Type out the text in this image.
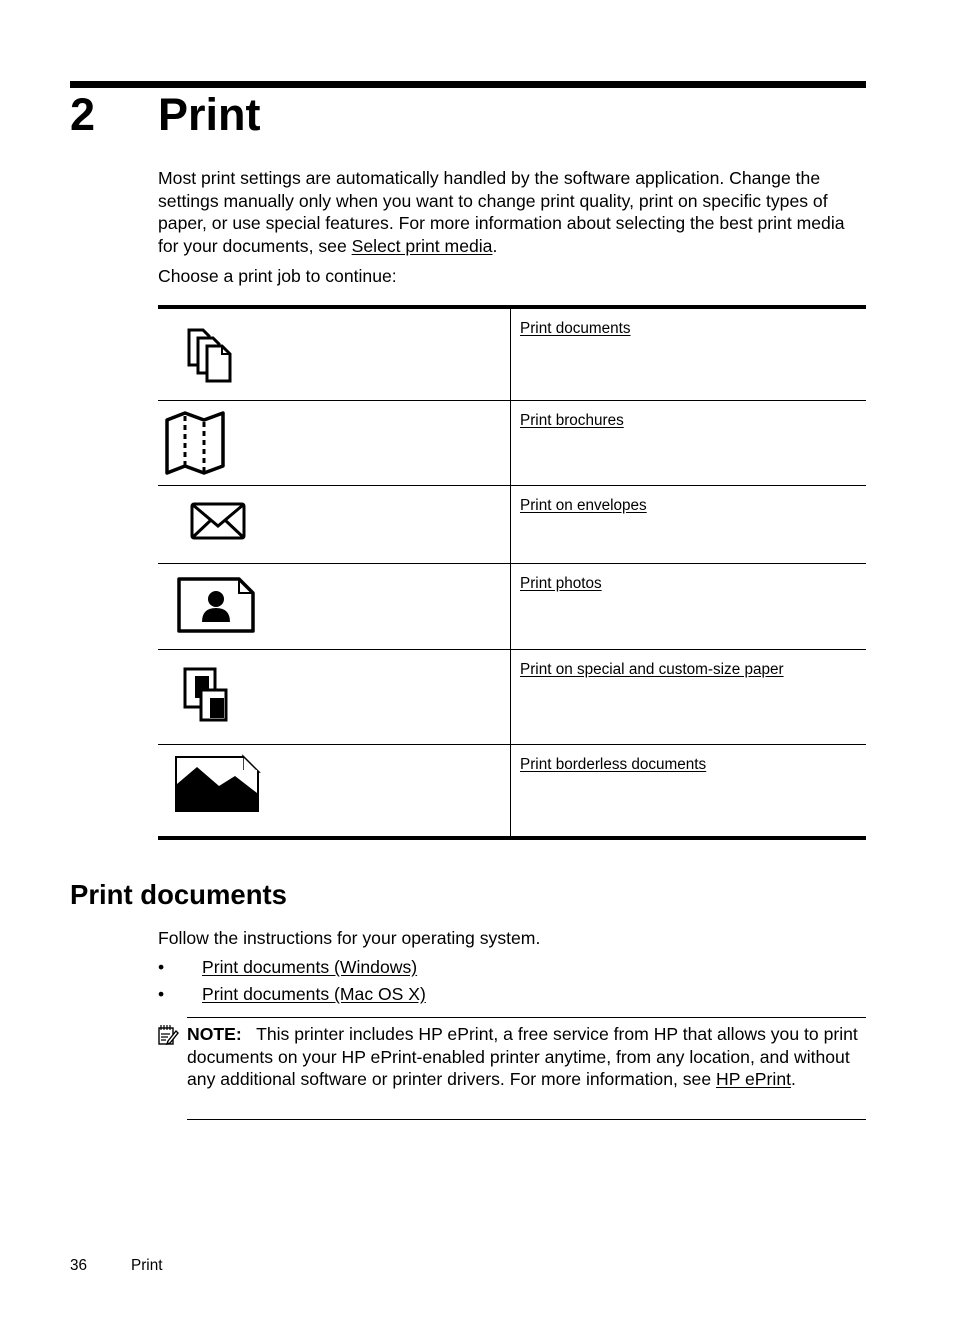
2 Print

Most print settings are automatically handled by the software application. Change the settings manually only when you want to change print quality, print on specific types of paper, or use special features. For more information about selecting the best print media for your documents, see Select print media.

Choose a print job to continue:

Print documents
Print brochures
Print on envelopes
Print photos
Print on special and custom-size paper
Print borderless documents
Print documents

Follow the instructions for your operating system.

• Print documents (Windows)
• Print documents (Mac OS X)

NOTE: This printer includes HP ePrint, a free service from HP that allows you to print documents on your HP ePrint-enabled printer anytime, from any location, and without any additional software or printer drivers. For more information, see HP ePrint.

36	Print
